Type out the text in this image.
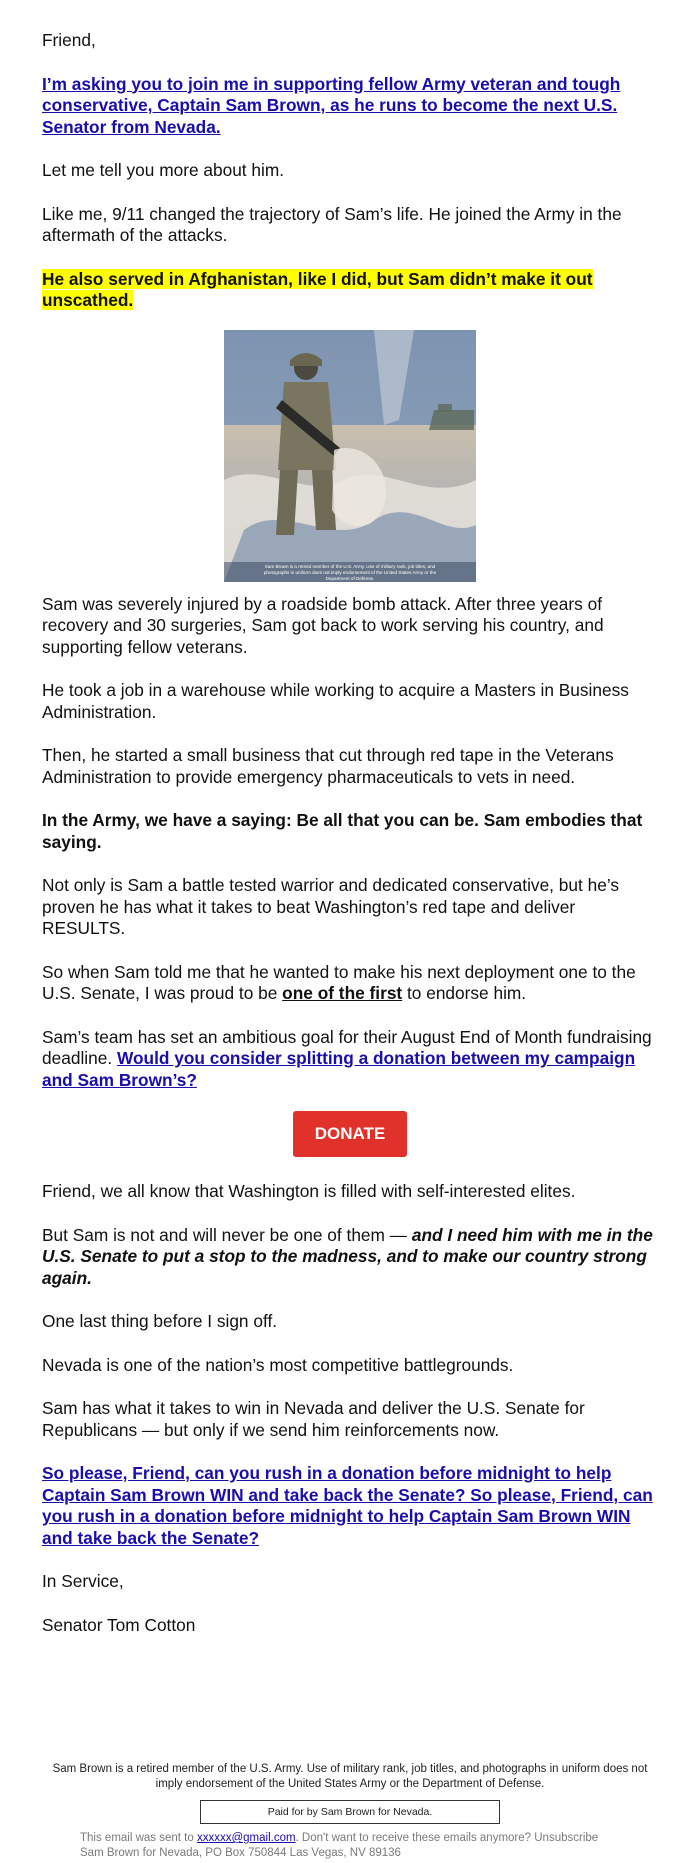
Friend,

I’m asking you to join me in supporting fellow Army veteran and tough conservative, Captain Sam Brown, as he runs to become the next U.S. Senator from Nevada.

Let me tell you more about him.

Like me, 9/11 changed the trajectory of Sam’s life. He joined the Army in the aftermath of the attacks.

He also served in Afghanistan, like I did, but Sam didn’t make it out unscathed.

Sam Brown is a retired member of the U.S. Army. Use of military rank, job titles, and
photographs in uniform does not imply endorsement of the United States Army or the
Department of Defense.

Sam was severely injured by a roadside bomb attack. After three years of recovery and 30 surgeries, Sam got back to work serving his country, and supporting fellow veterans.

He took a job in a warehouse while working to acquire a Masters in Business Administration.

Then, he started a small business that cut through red tape in the Veterans Administration to provide emergency pharmaceuticals to vets in need.

In the Army, we have a saying: Be all that you can be. Sam embodies that saying.

Not only is Sam a battle tested warrior and dedicated conservative, but he’s proven he has what it takes to beat Washington’s red tape and deliver RESULTS.

So when Sam told me that he wanted to make his next deployment one to the U.S. Senate, I was proud to be one of the first to endorse him.

Sam’s team has set an ambitious goal for their August End of Month fundraising deadline. Would you consider splitting a donation between my campaign and Sam Brown’s?

DONATE

Friend, we all know that Washington is filled with self-interested elites.

But Sam is not and will never be one of them — and I need him with me in the U.S. Senate to put a stop to the madness, and to make our country strong again.

One last thing before I sign off.

Nevada is one of the nation’s most competitive battlegrounds.

Sam has what it takes to win in Nevada and deliver the U.S. Senate for Republicans — but only if we send him reinforcements now.

So please, Friend, can you rush in a donation before midnight to help Captain Sam Brown WIN and take back the Senate? So please, Friend, can you rush in a donation before midnight to help Captain Sam Brown WIN and take back the Senate?

In Service,

Senator Tom Cotton

Sam Brown is a retired member of the U.S. Army. Use of military rank, job titles, and photographs in uniform does not imply endorsement of the United States Army or the Department of Defense.

Paid for by Sam Brown for Nevada.

This email was sent to xxxxxx@gmail.com. Don't want to receive these emails anymore? Unsubscribe

Sam Brown for Nevada, PO Box 750844 Las Vegas, NV 89136
